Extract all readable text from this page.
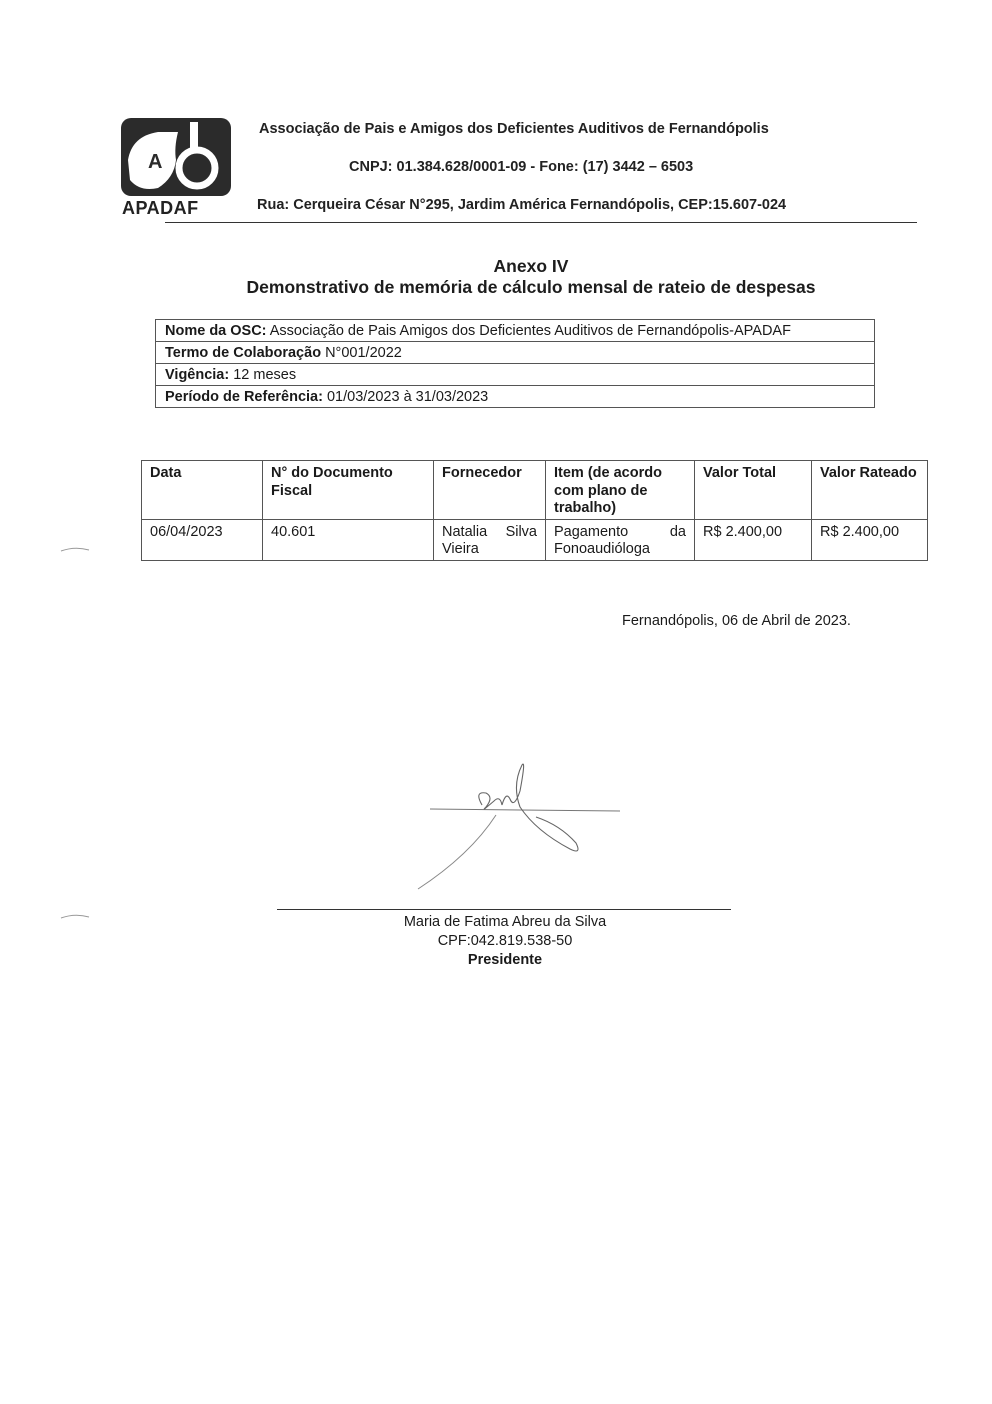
A
APADAF
Associação de Pais e Amigos dos Deficientes Auditivos de Fernandópolis
CNPJ: 01.384.628/0001-09 - Fone: (17) 3442 – 6503
Rua: Cerqueira César N°295, Jardim América Fernandópolis, CEP:15.607-024
Anexo IV
Demonstrativo de memória de cálculo mensal de rateio de despesas
Nome da OSC: Associação de Pais Amigos dos Deficientes Auditivos de Fernandópolis-APADAF
Termo de Colaboração N°001/2022
Vigência: 12 meses
Período de Referência: 01/03/2023 à 31/03/2023
Data	N° do Documento Fiscal	Fornecedor	Item (de acordo com plano de trabalho)	Valor Total	Valor Rateado
06/04/2023	40.601	Natalia Silva Vieira	Pagamento da Fonoaudióloga	R$ 2.400,00	R$ 2.400,00
Fernandópolis, 06 de Abril de 2023.
Maria de Fatima Abreu da Silva
CPF:042.819.538-50
Presidente
